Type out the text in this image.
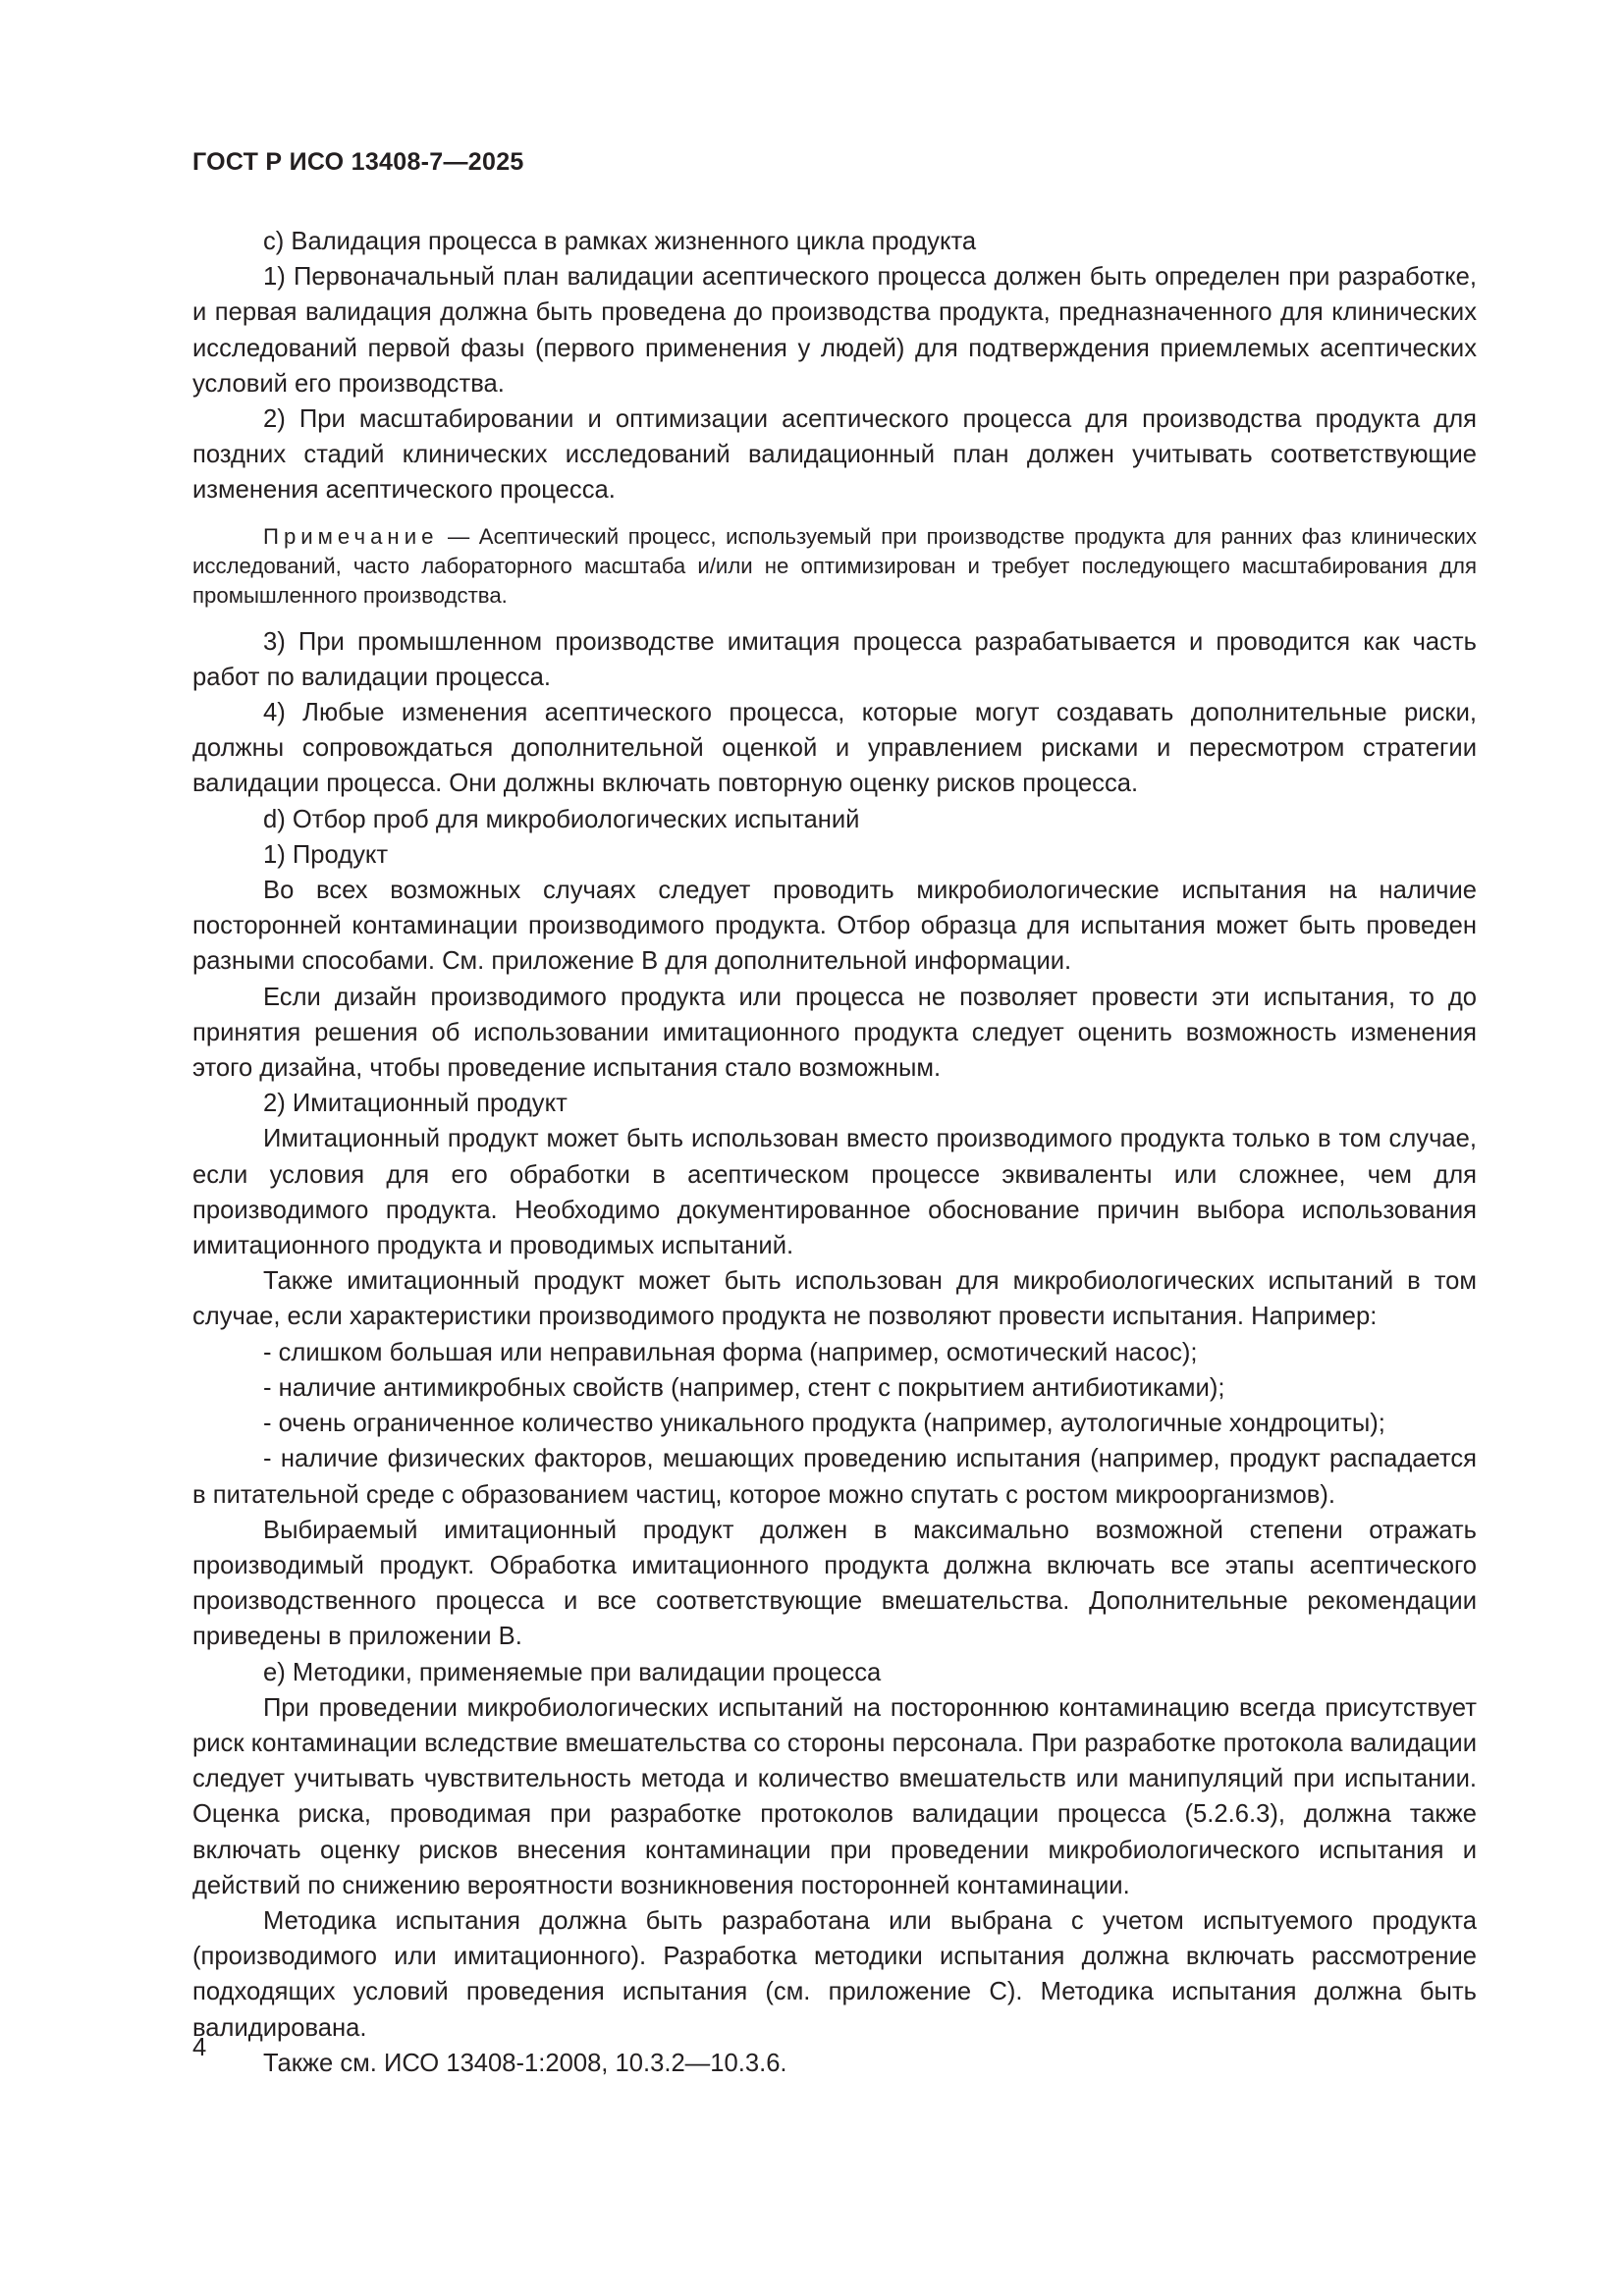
ГОСТ Р ИСО 13408-7—2025

c) Валидация процесса в рамках жизненного цикла продукта

1) Первоначальный план валидации асептического процесса должен быть определен при разработке, и первая валидация должна быть проведена до производства продукта, предназначенного для клинических исследований первой фазы (первого применения у людей) для подтверждения приемлемых асептических условий его производства.

2) При масштабировании и оптимизации асептического процесса для производства продукта для поздних стадий клинических исследований валидационный план должен учитывать соответствующие изменения асептического процесса.

Примечание — Асептический процесс, используемый при производстве продукта для ранних фаз клинических исследований, часто лабораторного масштаба и/или не оптимизирован и требует последующего масштабирования для промышленного производства.

3) При промышленном производстве имитация процесса разрабатывается и проводится как часть работ по валидации процесса.

4) Любые изменения асептического процесса, которые могут создавать дополнительные риски, должны сопровождаться дополнительной оценкой и управлением рисками и пересмотром стратегии валидации процесса. Они должны включать повторную оценку рисков процесса.

d) Отбор проб для микробиологических испытаний

1) Продукт

Во всех возможных случаях следует проводить микробиологические испытания на наличие посторонней контаминации производимого продукта. Отбор образца для испытания может быть проведен разными способами. См. приложение В для дополнительной информации.

Если дизайн производимого продукта или процесса не позволяет провести эти испытания, то до принятия решения об использовании имитационного продукта следует оценить возможность изменения этого дизайна, чтобы проведение испытания стало возможным.

2) Имитационный продукт

Имитационный продукт может быть использован вместо производимого продукта только в том случае, если условия для его обработки в асептическом процессе эквиваленты или сложнее, чем для производимого продукта. Необходимо документированное обоснование причин выбора использования имитационного продукта и проводимых испытаний.

Также имитационный продукт может быть использован для микробиологических испытаний в том случае, если характеристики производимого продукта не позволяют провести испытания. Например:

- слишком большая или неправильная форма (например, осмотический насос);

- наличие антимикробных свойств (например, стент с покрытием антибиотиками);

- очень ограниченное количество уникального продукта (например, аутологичные хондроциты);

- наличие физических факторов, мешающих проведению испытания (например, продукт распадается в питательной среде с образованием частиц, которое можно спутать с ростом микроорганизмов).

Выбираемый имитационный продукт должен в максимально возможной степени отражать производимый продукт. Обработка имитационного продукта должна включать все этапы асептического производственного процесса и все соответствующие вмешательства. Дополнительные рекомендации приведены в приложении В.

e) Методики, применяемые при валидации процесса

При проведении микробиологических испытаний на постороннюю контаминацию всегда присутствует риск контаминации вследствие вмешательства со стороны персонала. При разработке протокола валидации следует учитывать чувствительность метода и количество вмешательств или манипуляций при испытании. Оценка риска, проводимая при разработке протоколов валидации процесса (5.2.6.3), должна также включать оценку рисков внесения контаминации при проведении микробиологического испытания и действий по снижению вероятности возникновения посторонней контаминации.

Методика испытания должна быть разработана или выбрана с учетом испытуемого продукта (производимого или имитационного). Разработка методики испытания должна включать рассмотрение подходящих условий проведения испытания (см. приложение С). Методика испытания должна быть валидирована.

Также см. ИСО 13408-1:2008, 10.3.2—10.3.6.

4
